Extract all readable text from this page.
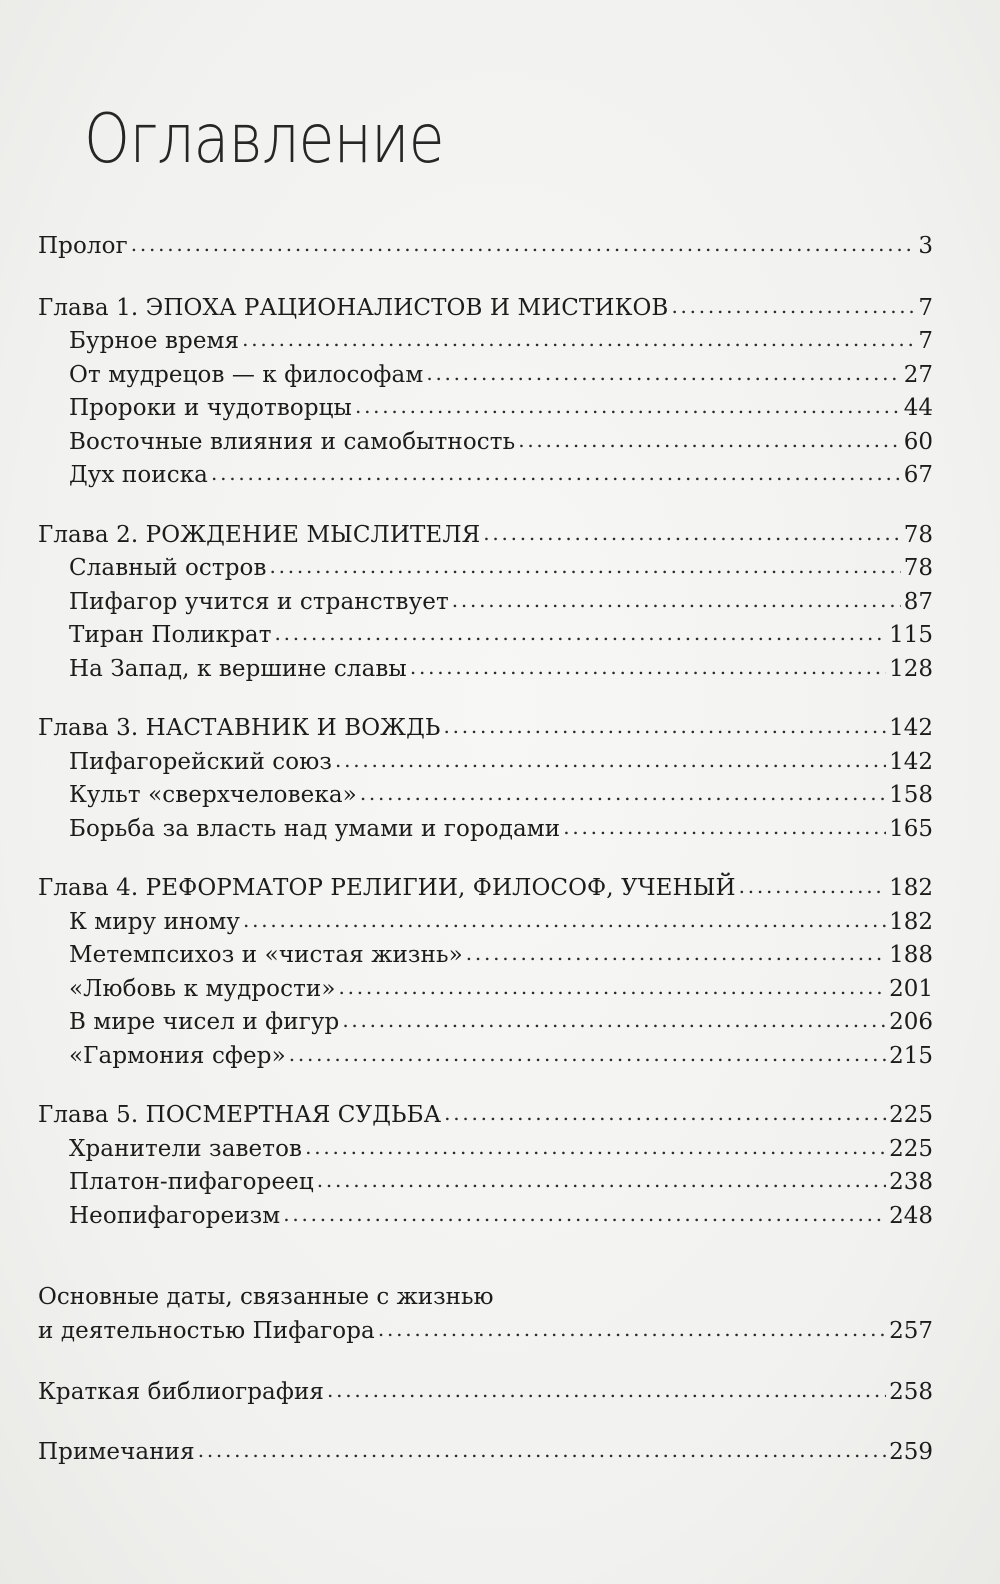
Оглавление
Пролог . . .	3
Глава 1. ЭПОХА РАЦИОНАЛИСТОВ И МИСТИКОВ . . .	7
Бурное время . . .	7
От мудрецов — к философам . . .	27
Пророки и чудотворцы . . .	44
Восточные влияния и самобытность . . .	60
Дух поиска . . .	67
Глава 2. РОЖДЕНИЕ МЫСЛИТЕЛЯ . . .	78
Славный остров . . .	78
Пифагор учится и странствует . . .	87
Тиран Поликрат . . .	115
На Запад, к вершине славы . . .	128
Глава 3. НАСТАВНИК И ВОЖДЬ . . .	142
Пифагорейский союз . . .	142
Культ «сверхчеловека» . . .	158
Борьба за власть над умами и городами . . .	165
Глава 4. РЕФОРМАТОР РЕЛИГИИ, ФИЛОСОФ, УЧЕНЫЙ . . .	182
К миру иному . . .	182
Метемпсихоз и «чистая жизнь» . . .	188
«Любовь к мудрости» . . .	201
В мире чисел и фигур . . .	206
«Гармония сфер» . . .	215
Глава 5. ПОСМЕРТНАЯ СУДЬБА . . .	225
Хранители заветов . . .	225
Платон-пифагореец . . .	238
Неопифагореизм . . .	248
Основные даты, связанные с жизнью
и деятельностью Пифагора . . .	257
Краткая библиография . . .	258
Примечания . . .	259
